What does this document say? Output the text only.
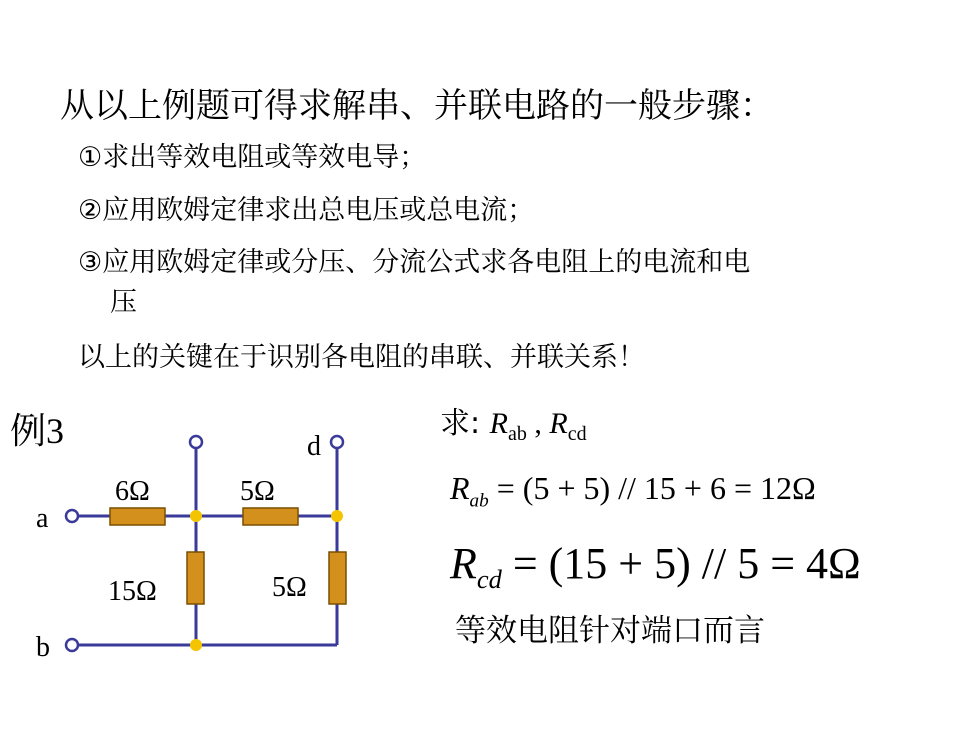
从以上例题可得求解串、并联电路的一般步骤：
①求出等效电阻或等效电导；
②应用欧姆定律求出总电压或总电流；
③应用欧姆定律或分压、分流公式求各电阻上的电流和电
压
以上的关键在于识别各电阻的串联、并联关系！
例3	求: $R_{ab}$ , $R_{cd}$
$R_{ab} = (5 + 5) // 15 + 6 = 12\Omega$
$R_{cd} = (15 + 5) // 5 = 4\Omega$
等效电阻针对端口而言
a
b
d
6Ω	5Ω
15Ω	5Ω
